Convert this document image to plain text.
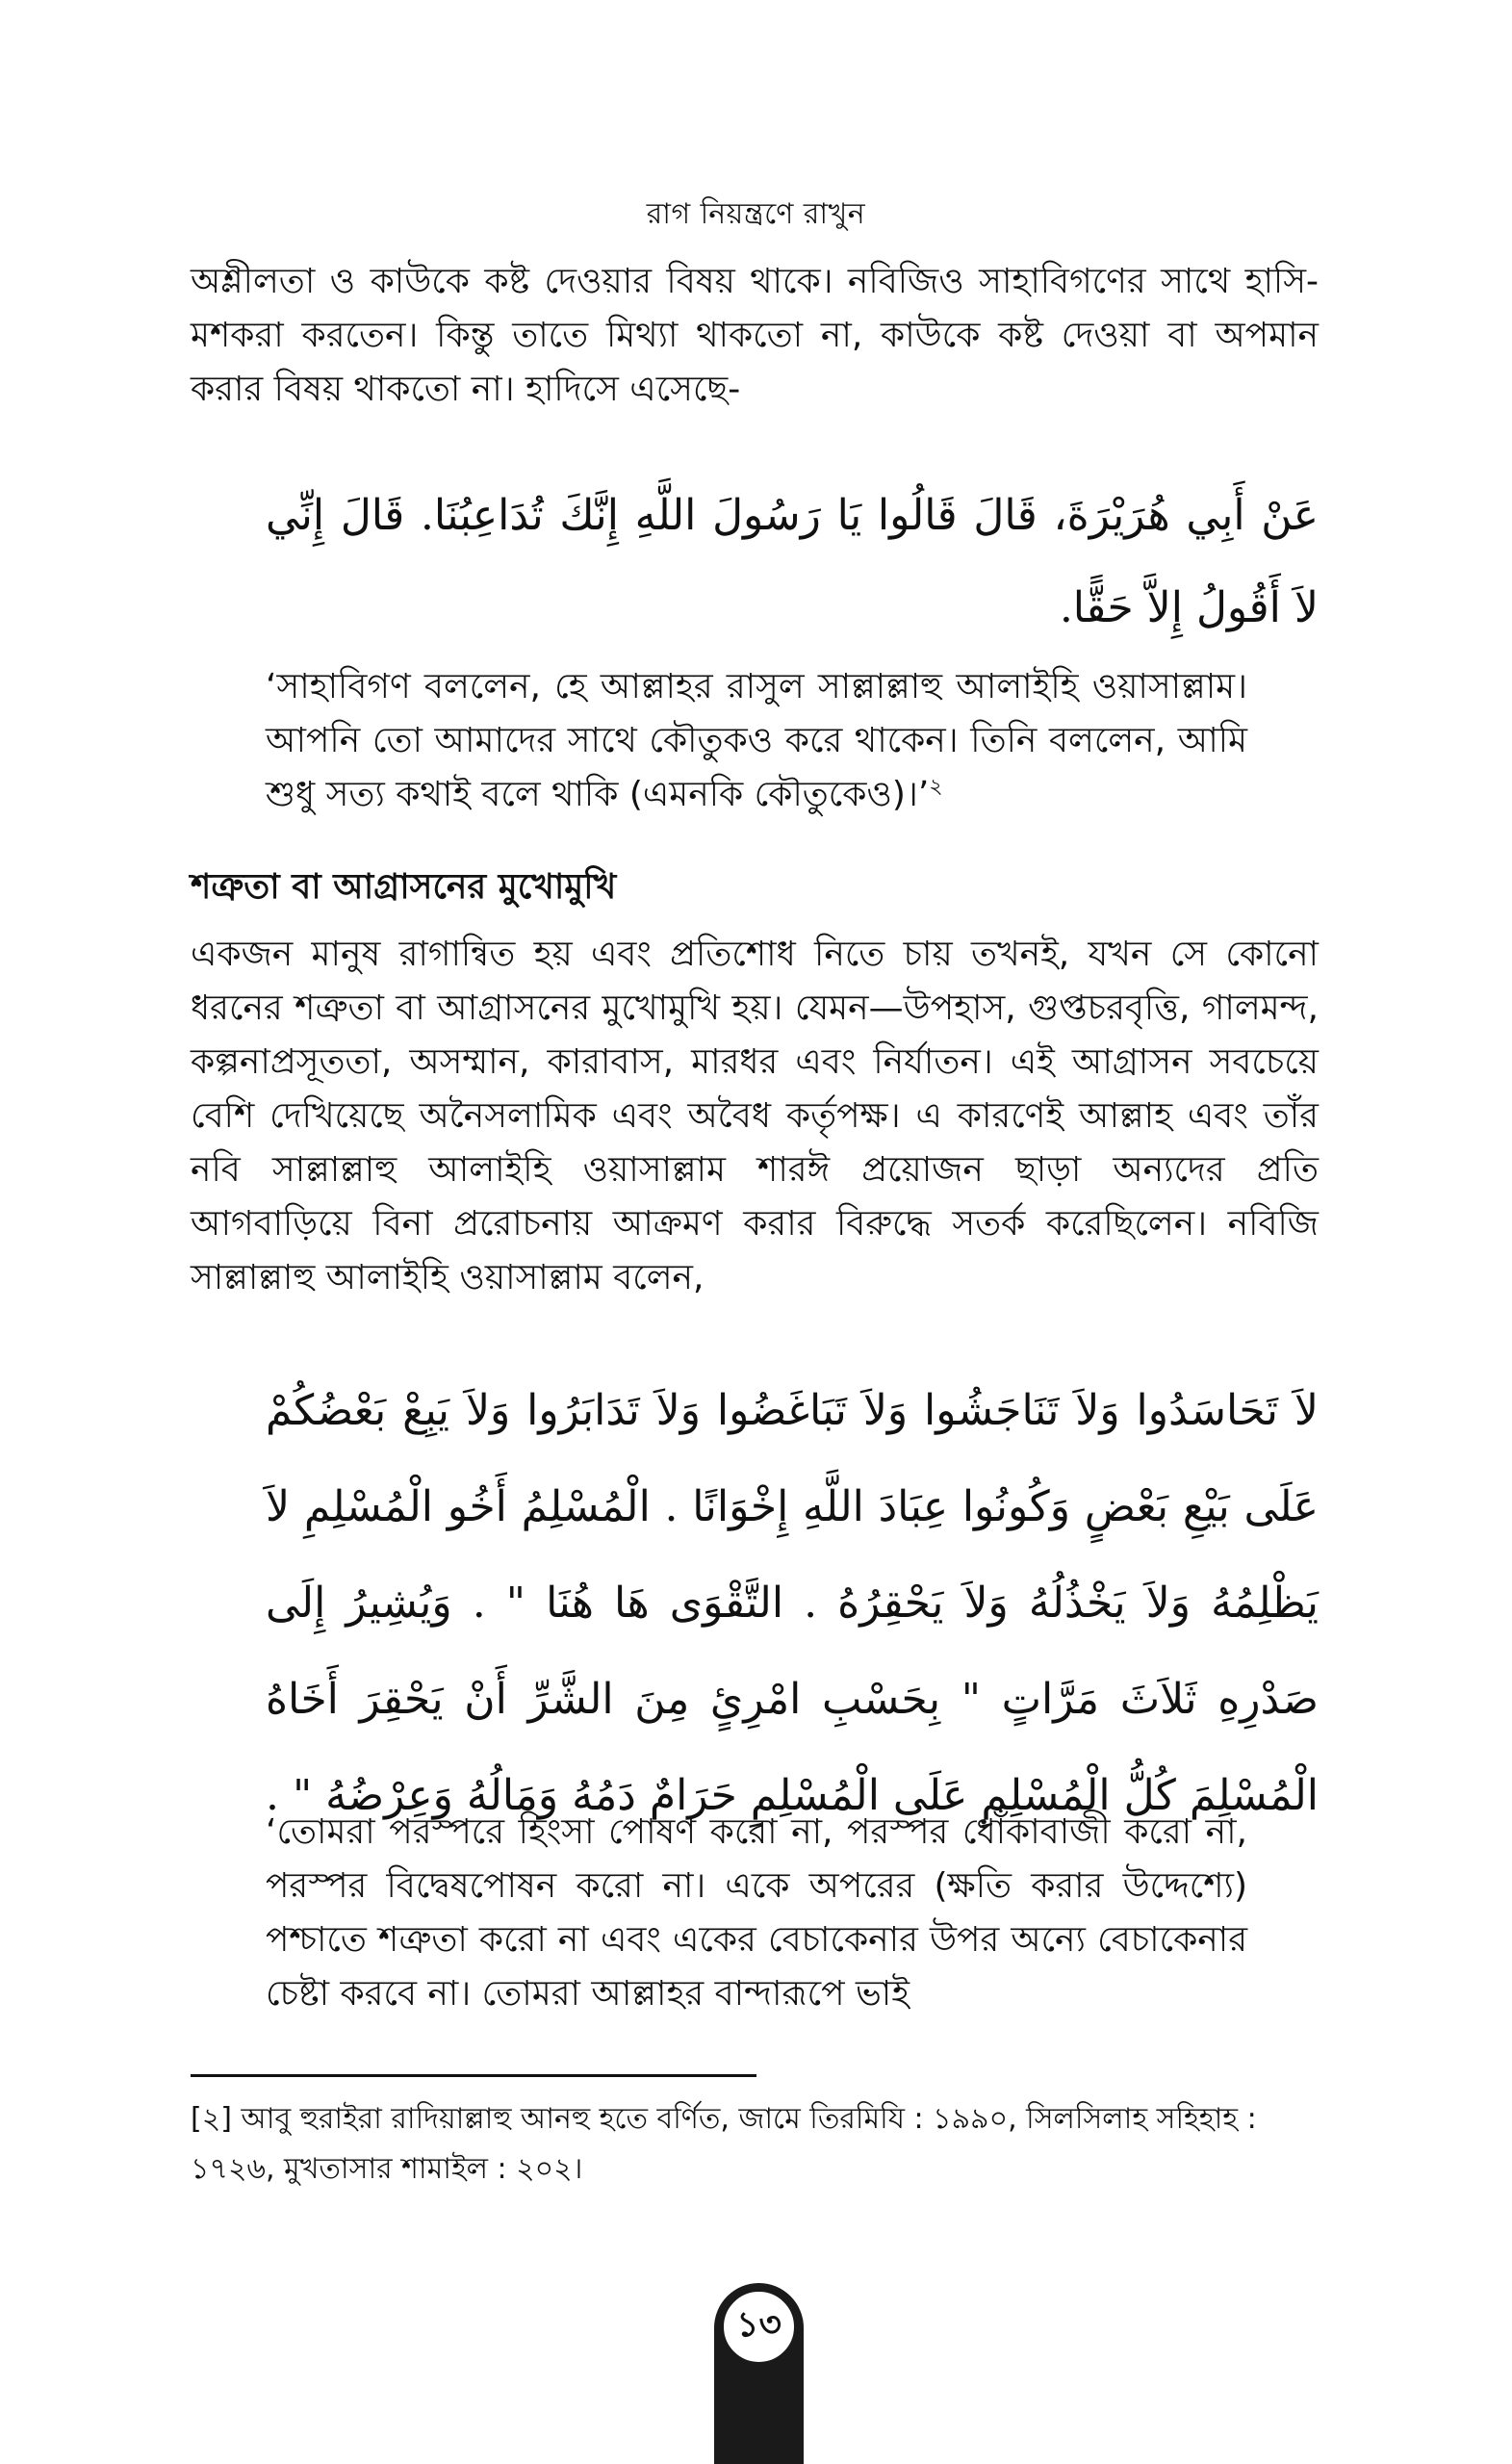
রাগ নিয়ন্ত্রণে রাখুন

অশ্লীলতা ও কাউকে কষ্ট দেওয়ার বিষয় থাকে। নবিজিও সাহাবিগণের সাথে হাসি-মশকরা করতেন। কিন্তু তাতে মিথ্যা থাকতো না, কাউকে কষ্ট দেওয়া বা অপমান করার বিষয় থাকতো না। হাদিসে এসেছে-

عَنْ أَبِي هُرَيْرَةَ، قَالَ قَالُوا يَا رَسُولَ اللَّهِ إِنَّكَ تُدَاعِبُنَا. قَالَ إِنِّي لاَ أَقُولُ إِلاَّ حَقًّا.

‘সাহাবিগণ বললেন, হে আল্লাহর রাসুল সাল্লাল্লাহু আলাইহি ওয়াসাল্লাম। আপনি তো আমাদের সাথে কৌতুকও করে থাকেন। তিনি বললেন, আমি শুধু সত্য কথাই বলে থাকি (এমনকি কৌতুকেও)।’$^২$

শত্রুতা বা আগ্রাসনের মুখোমুখি

একজন মানুষ রাগান্বিত হয় এবং প্রতিশোধ নিতে চায় তখনই, যখন সে কোনো ধরনের শত্রুতা বা আগ্রাসনের মুখোমুখি হয়। যেমন—উপহাস, গুপ্তচরবৃত্তি, গালমন্দ, কল্পনাপ্রসূততা, অসম্মান, কারাবাস, মারধর এবং নির্যাতন। এই আগ্রাসন সবচেয়ে বেশি দেখিয়েছে অনৈসলামিক এবং অবৈধ কর্তৃপক্ষ। এ কারণেই আল্লাহ এবং তাঁর নবি সাল্লাল্লাহু আলাইহি ওয়াসাল্লাম শারঈ প্রয়োজন ছাড়া অন্যদের প্রতি আগবাড়িয়ে বিনা প্ররোচনায় আক্রমণ করার বিরুদ্ধে সতর্ক করেছিলেন। নবিজি সাল্লাল্লাহু আলাইহি ওয়াসাল্লাম বলেন,

لاَ تَحَاسَدُوا وَلاَ تَنَاجَشُوا وَلاَ تَبَاغَضُوا وَلاَ تَدَابَرُوا وَلاَ يَبِعْ بَعْضُكُمْ عَلَى بَيْعِ بَعْضٍ وَكُونُوا عِبَادَ اللَّهِ إِخْوَانًا . الْمُسْلِمُ أَخُو الْمُسْلِمِ لاَ يَظْلِمُهُ وَلاَ يَخْذُلُهُ وَلاَ يَحْقِرُهُ . التَّقْوَى هَا هُنَا " . وَيُشِيرُ إِلَى صَدْرِهِ ثَلاَثَ مَرَّاتٍ " بِحَسْبِ امْرِئٍ مِنَ الشَّرِّ أَنْ يَحْقِرَ أَخَاهُ الْمُسْلِمَ كُلُّ الْمُسْلِمِ عَلَى الْمُسْلِمِ حَرَامٌ دَمُهُ وَمَالُهُ وَعِرْضُهُ " .

‘তোমরা পরস্পরে হিংসা পোষণ করো না, পরস্পর ধোঁকাবাজী করো না, পরস্পর বিদ্বেষপোষন করো না। একে অপরের (ক্ষতি করার উদ্দেশ্যে) পশ্চাতে শত্রুতা করো না এবং একের বেচাকেনার উপর অন্যে বেচাকেনার চেষ্টা করবে না। তোমরা আল্লাহর বান্দারূপে ভাই

[২] আবু হুরাইরা রাদিয়াল্লাহু আনহু হতে বর্ণিত, জামে তিরমিযি : ১৯৯০, সিলসিলাহ সহিহাহ : ১৭২৬, মুখতাসার শামাইল : ২০২।

১৩
